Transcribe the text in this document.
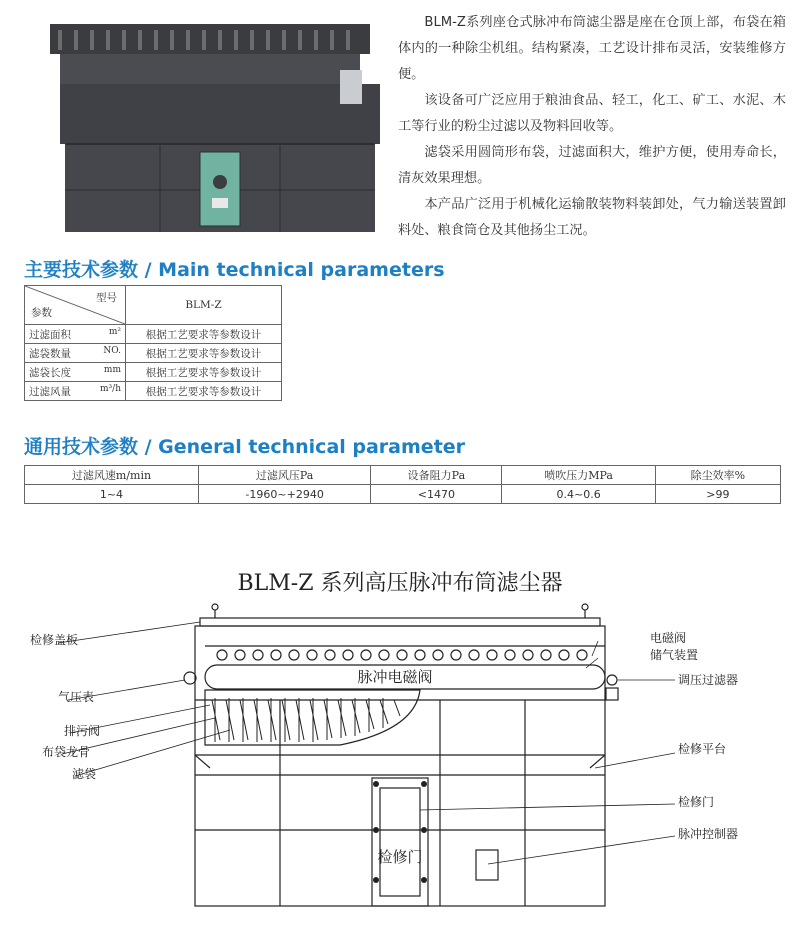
BLM-Z系列座仓式脉冲布筒滤尘器是座在仓顶上部，布袋在箱体内的一种除尘机组。结构紧凑，工艺设计排布灵活，安装维修方便。

该设备可广泛应用于粮油食品、轻工，化工、矿工、水泥、木工等行业的粉尘过滤以及物料回收等。

滤袋采用圆筒形布袋，过滤面积大，维护方便，使用寿命长，清灰效果理想。

本产品广泛用于机械化运输散装物料装卸处，气力输送装置卸料处、粮食筒仓及其他扬尘工况。

主要技术参数 / Main technical parameters
型号
参数	BLM-Z
过滤面积 m²	根据工艺要求等参数设计
滤袋数量 NO.	根据工艺要求等参数设计
滤袋长度 mm	根据工艺要求等参数设计
过滤风量 m³/h	根据工艺要求等参数设计
通用技术参数 / General technical parameter
过滤风速m/min	过滤风压Pa	设备阻力Pa	喷吹压力MPa	除尘效率%
1~4	-1960~+2940	<1470	0.4~0.6	>99
BLM-Z 系列高压脉冲布筒滤尘器
脉冲电磁阀
检修门
检修盖板
气压表
排污阀
布袋龙骨
滤袋
电磁阀
储气装置
调压过滤器
检修平台
检修门
脉冲控制器
